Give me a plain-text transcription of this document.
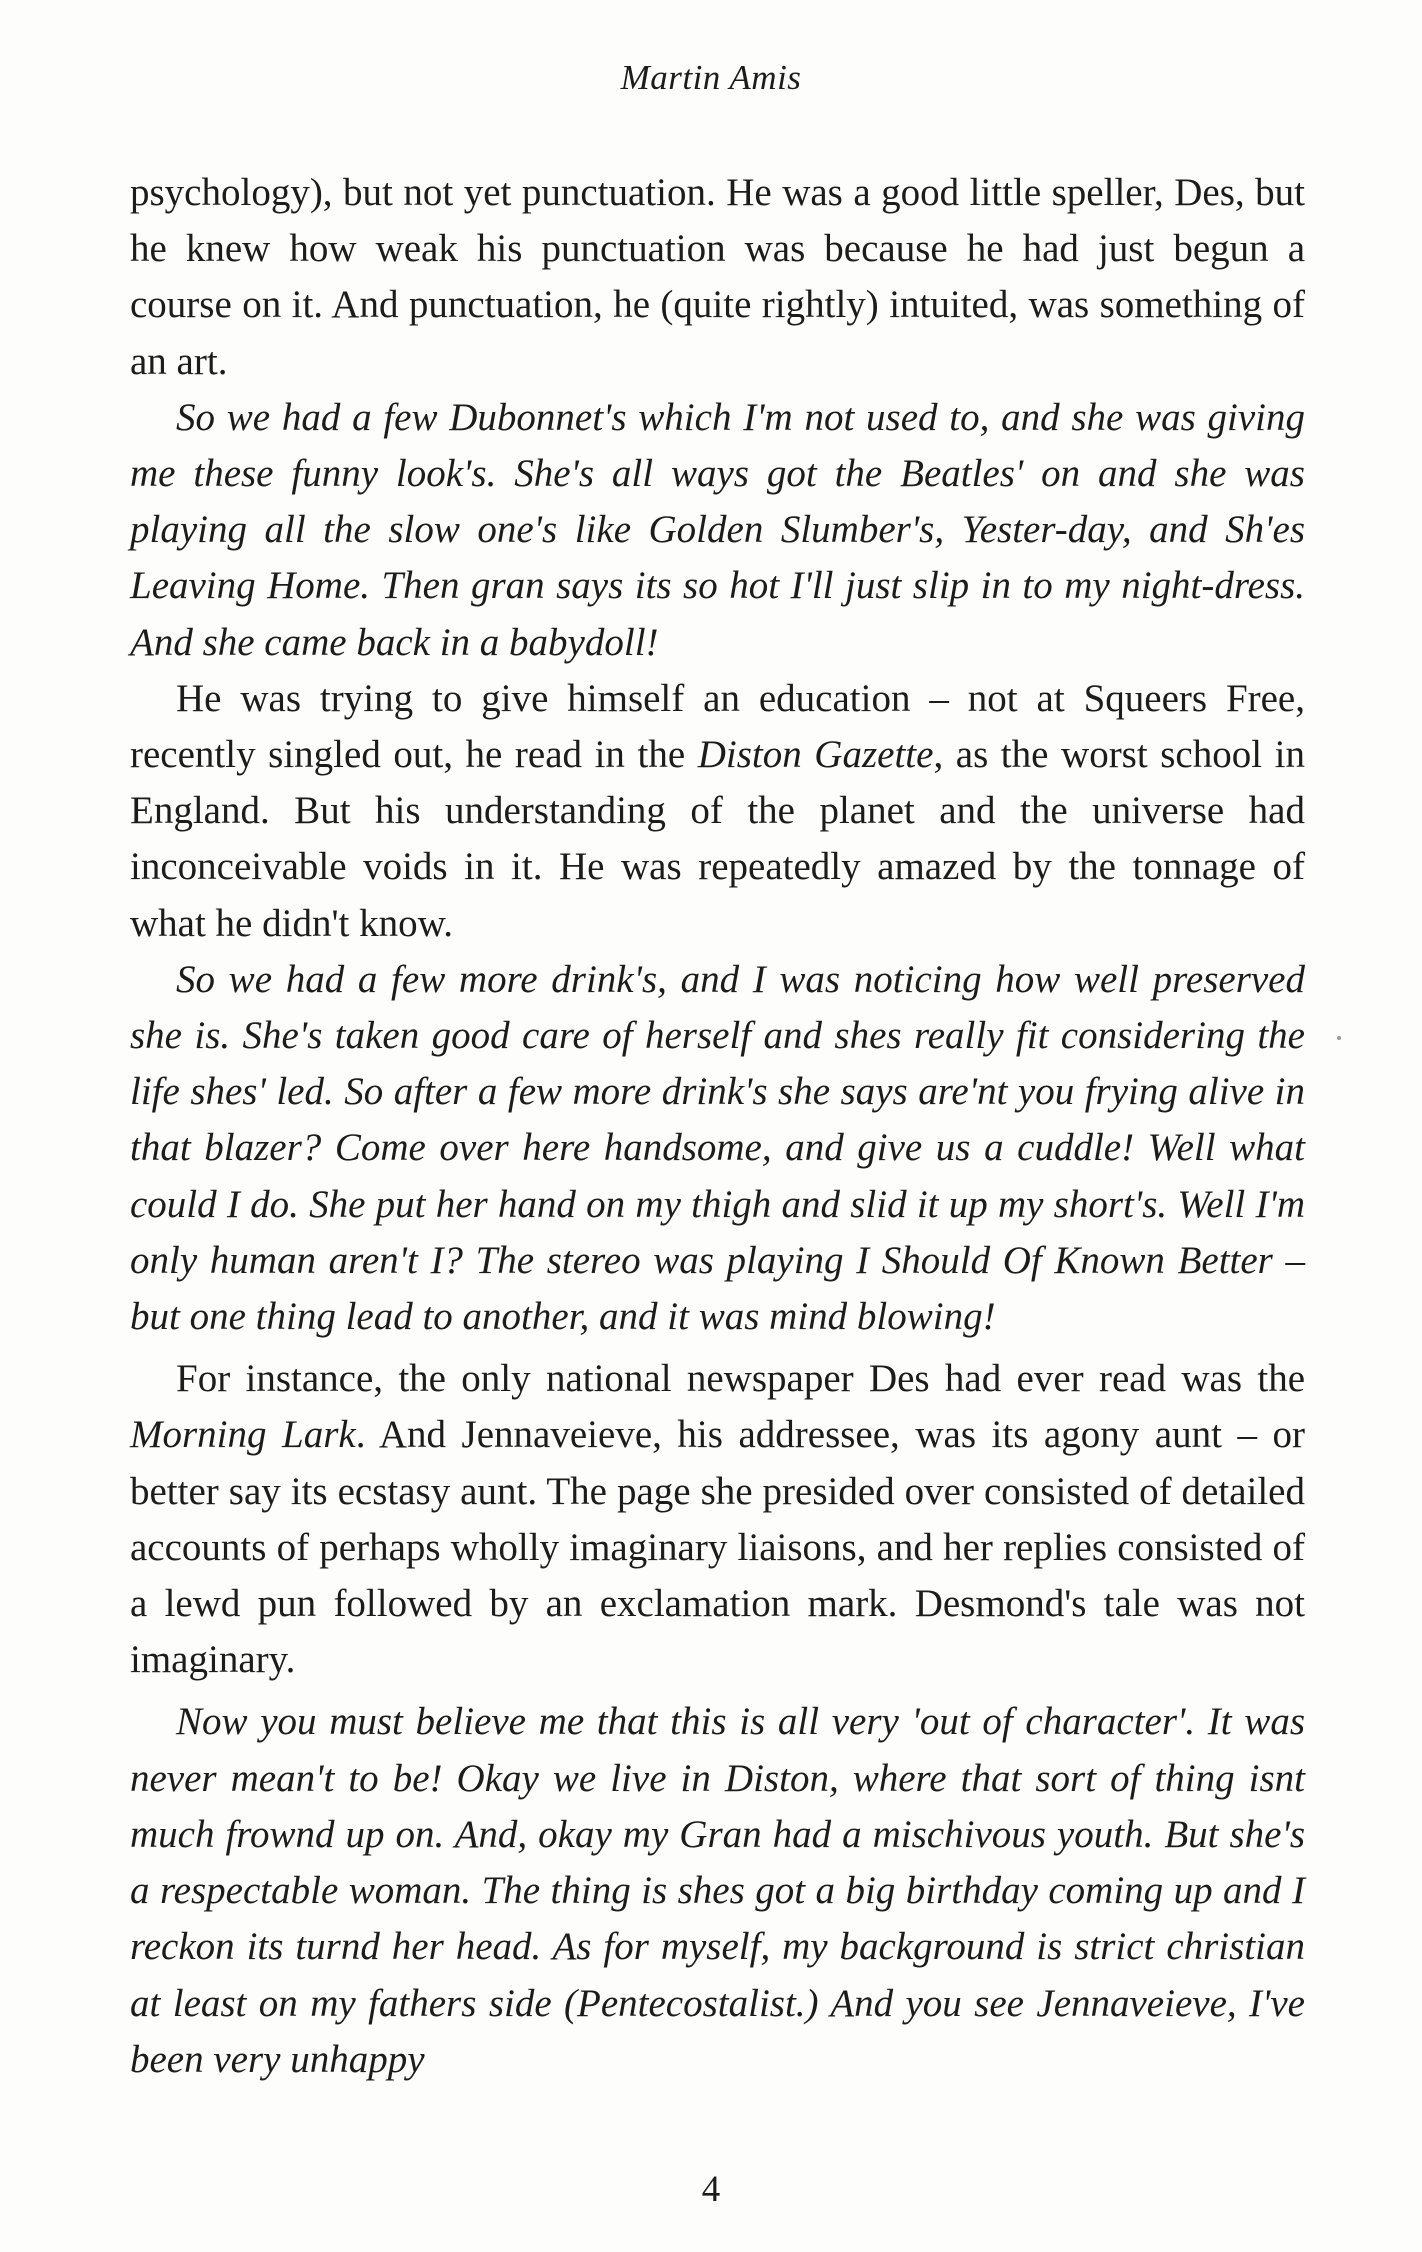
Martin Amis

psychology), but not yet punctuation. He was a good little speller, Des, but he knew how weak his punctuation was because he had just begun a course on it. And punctuation, he (quite rightly) intuited, was something of an art.

So we had a few Dubonnet's which I'm not used to, and she was giving me these funny look's. She's all ways got the Beatles' on and she was playing all the slow one's like Golden Slumber's, Yester-day, and Sh'es Leaving Home. Then gran says its so hot I'll just slip in to my night-dress. And she came back in a babydoll!

He was trying to give himself an education – not at Squeers Free, recently singled out, he read in the Diston Gazette, as the worst school in England. But his understanding of the planet and the universe had inconceivable voids in it. He was repeatedly amazed by the tonnage of what he didn't know.

So we had a few more drink's, and I was noticing how well preserved she is. She's taken good care of herself and shes really fit considering the life shes' led. So after a few more drink's she says are'nt you frying alive in that blazer? Come over here handsome, and give us a cuddle! Well what could I do. She put her hand on my thigh and slid it up my short's. Well I'm only human aren't I? The stereo was playing I Should Of Known Better – but one thing lead to another, and it was mind blowing!

For instance, the only national newspaper Des had ever read was the Morning Lark. And Jennaveieve, his addressee, was its agony aunt – or better say its ecstasy aunt. The page she presided over consisted of detailed accounts of perhaps wholly imaginary liaisons, and her replies consisted of a lewd pun followed by an exclamation mark. Desmond's tale was not imaginary.

Now you must believe me that this is all very 'out of character'. It was never mean't to be! Okay we live in Diston, where that sort of thing isnt much frownd up on. And, okay my Gran had a mischivous youth. But she's a respectable woman. The thing is shes got a big birthday coming up and I reckon its turnd her head. As for myself, my background is strict christian at least on my fathers side (Pentecostalist.) And you see Jennaveieve, I've been very unhappy

4
